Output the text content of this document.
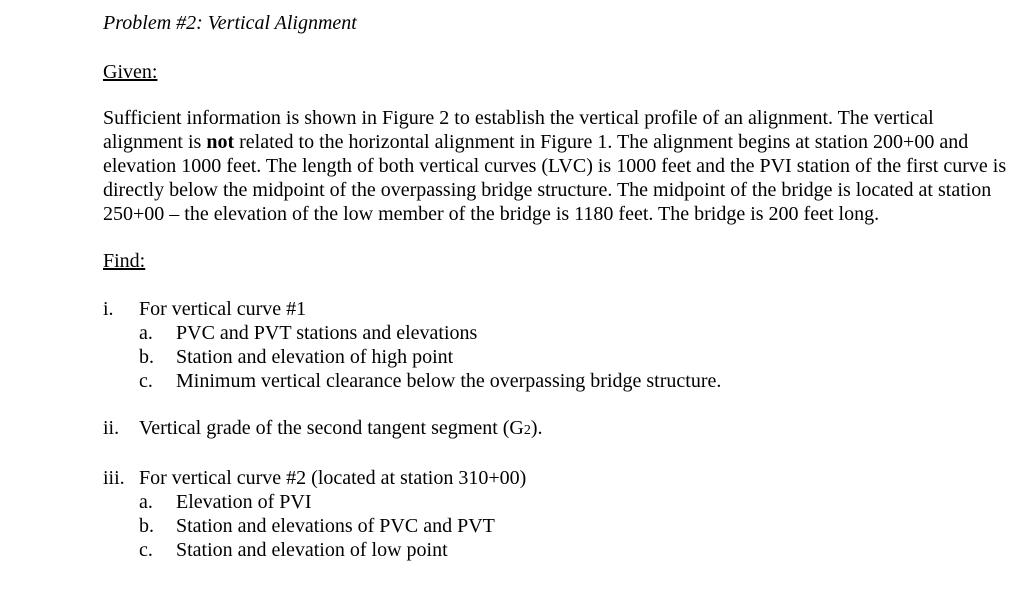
Problem #2: Vertical Alignment

Given:

Sufficient information is shown in Figure 2 to establish the vertical profile of an alignment. The vertical alignment is not related to the horizontal alignment in Figure 1. The alignment begins at station 200+00 and elevation 1000 feet. The length of both vertical curves (LVC) is 1000 feet and the PVI station of the first curve is directly below the midpoint of the overpassing bridge structure. The midpoint of the bridge is located at station 250+00 – the elevation of the low member of the bridge is 1180 feet. The bridge is 200 feet long.

Find:

i.	For vertical curve #1
a.	PVC and PVT stations and elevations
b.	Station and elevation of high point
c.	Minimum vertical clearance below the overpassing bridge structure.
ii. Vertical grade of the second tangent segment (G2).
iii. For vertical curve #2 (located at station 310+00)
a.	Elevation of PVI
b.	Station and elevations of PVC and PVT
c.	Station and elevation of low point
